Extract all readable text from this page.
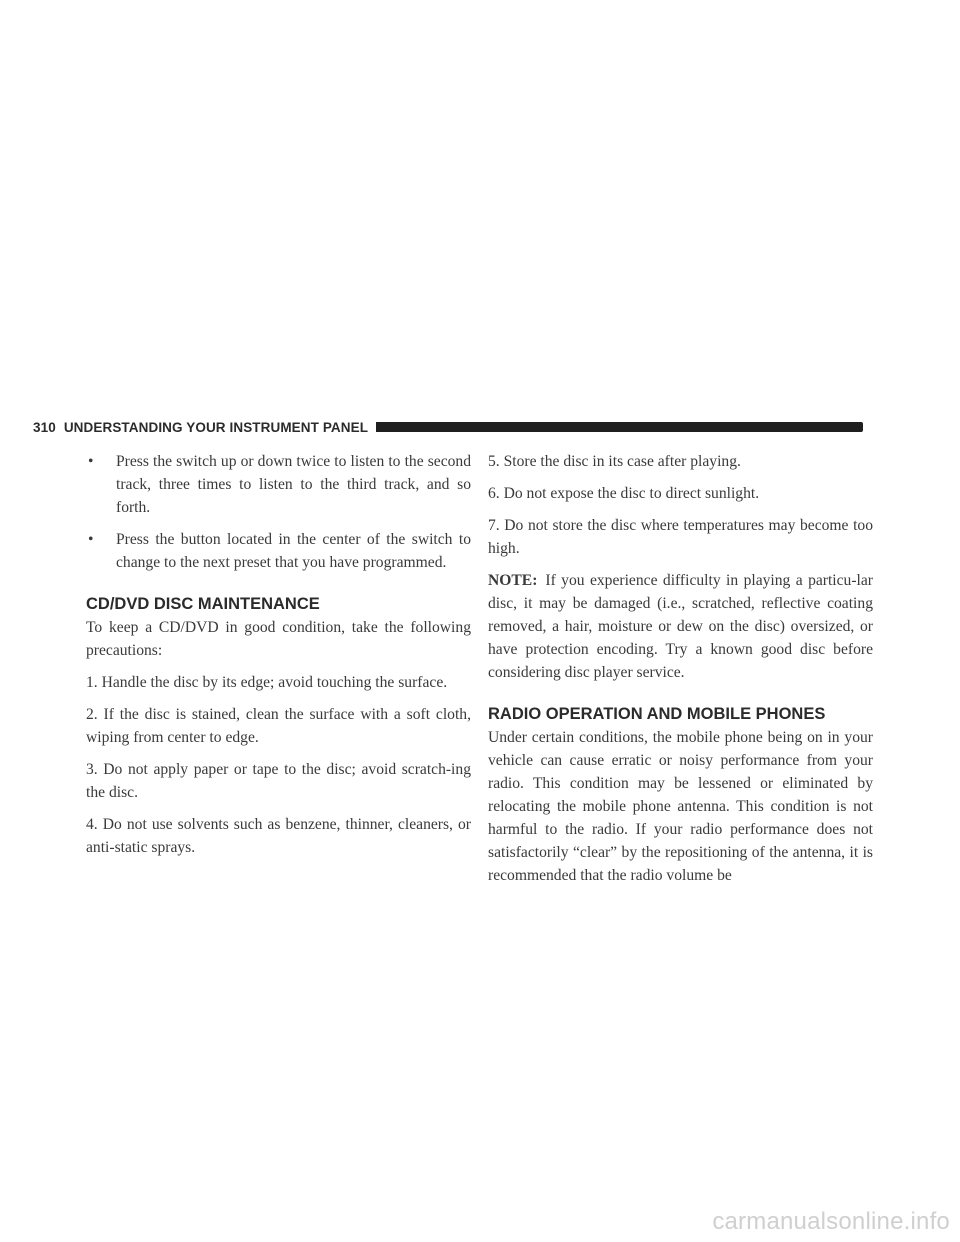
310 UNDERSTANDING YOUR INSTRUMENT PANEL
•	Press the switch up or down twice to listen to the second track, three times to listen to the third track, and so forth.
•	Press the button located in the center of the switch to change to the next preset that you have programmed.
CD/DVD DISC MAINTENANCE

To keep a CD/DVD in good condition, take the following precautions:

1. Handle the disc by its edge; avoid touching the surface.

2. If the disc is stained, clean the surface with a soft cloth, wiping from center to edge.

3. Do not apply paper or tape to the disc; avoid scratch-ing the disc.

4. Do not use solvents such as benzene, thinner, cleaners, or anti-static sprays.

5. Store the disc in its case after playing.

6. Do not expose the disc to direct sunlight.

7. Do not store the disc where temperatures may become too high.

NOTE: If you experience difficulty in playing a particu-lar disc, it may be damaged (i.e., scratched, reflective coating removed, a hair, moisture or dew on the disc) oversized, or have protection encoding. Try a known good disc before considering disc player service.

RADIO OPERATION AND MOBILE PHONES

Under certain conditions, the mobile phone being on in your vehicle can cause erratic or noisy performance from your radio. This condition may be lessened or eliminated by relocating the mobile phone antenna. This condition is not harmful to the radio. If your radio performance does not satisfactorily “clear” by the repositioning of the antenna, it is recommended that the radio volume be

carmanualsonline.info
